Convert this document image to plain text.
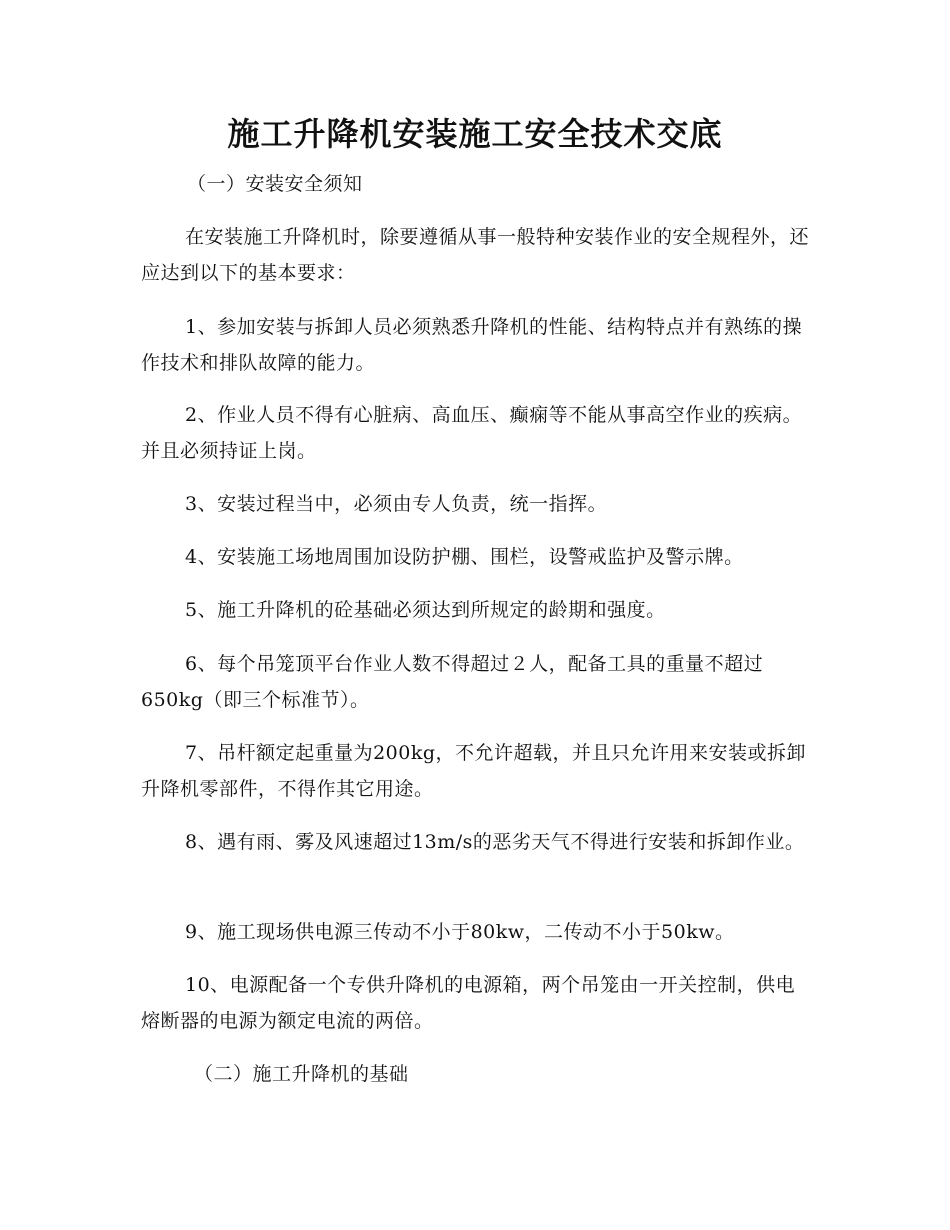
施工升降机安装施工安全技术交底
（一）安装安全须知
在安装施工升降机时，除要遵循从事一般特种安装作业的安全规程外，还应达到以下的基本要求：
1、参加安装与拆卸人员必须熟悉升降机的性能、结构特点并有熟练的操作技术和排队故障的能力。
2、作业人员不得有心脏病、高血压、癫痫等不能从事高空作业的疾病。并且必须持证上岗。
3、安装过程当中，必须由专人负责，统一指挥。
4、安装施工场地周围加设防护棚、围栏，设警戒监护及警示牌。
5、施工升降机的砼基础必须达到所规定的龄期和强度。
6、每个吊笼顶平台作业人数不得超过２人，配备工具的重量不超过650kg（即三个标准节）。
7、吊杆额定起重量为200kg，不允许超载，并且只允许用来安装或拆卸升降机零部件，不得作其它用途。
8、遇有雨、雾及风速超过13m/s的恶劣天气不得进行安装和拆卸作业。
9、施工现场供电源三传动不小于80kw，二传动不小于50kw。
10、电源配备一个专供升降机的电源箱，两个吊笼由一开关控制，供电熔断器的电源为额定电流的两倍。
（二）施工升降机的基础
